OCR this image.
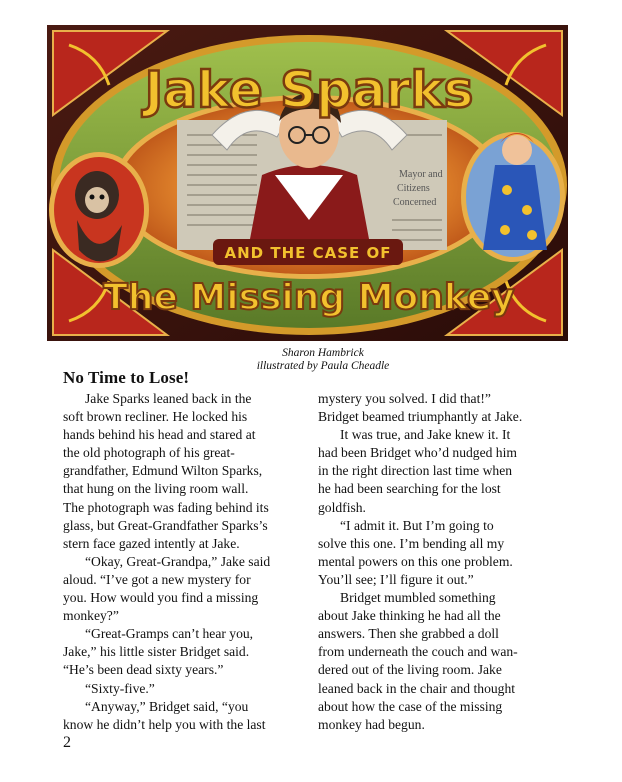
Mayor and
Citizens
Concerned
Jake Sparks
AND THE CASE OF
The Missing Monkey
Sharon Hambrick
illustrated by Paula Cheadle
No Time to Lose!

Jake Sparks leaned back in the
soft brown recliner. He locked his
hands behind his head and stared at
the old photograph of his great-
grandfather, Edmund Wilton Sparks,
that hung on the living room wall.
The photograph was fading behind its
glass, but Great-Grandfather Sparks’s
stern face gazed intently at Jake.

“Okay, Great-Grandpa,” Jake said
aloud. “I’ve got a new mystery for
you. How would you find a missing
monkey?”

“Great-Gramps can’t hear you,
Jake,” his little sister Bridget said.
“He’s been dead sixty years.”

“Sixty-five.”

“Anyway,” Bridget said, “you
know he didn’t help you with the last

mystery you solved. I did that!”
Bridget beamed triumphantly at Jake.

It was true, and Jake knew it. It
had been Bridget who’d nudged him
in the right direction last time when
he had been searching for the lost
goldfish.

“I admit it. But I’m going to
solve this one. I’m bending all my
mental powers on this one problem.
You’ll see; I’ll figure it out.”

Bridget mumbled something
about Jake thinking he had all the
answers. Then she grabbed a doll
from underneath the couch and wan-
dered out of the living room. Jake
leaned back in the chair and thought
about how the case of the missing
monkey had begun.

2
